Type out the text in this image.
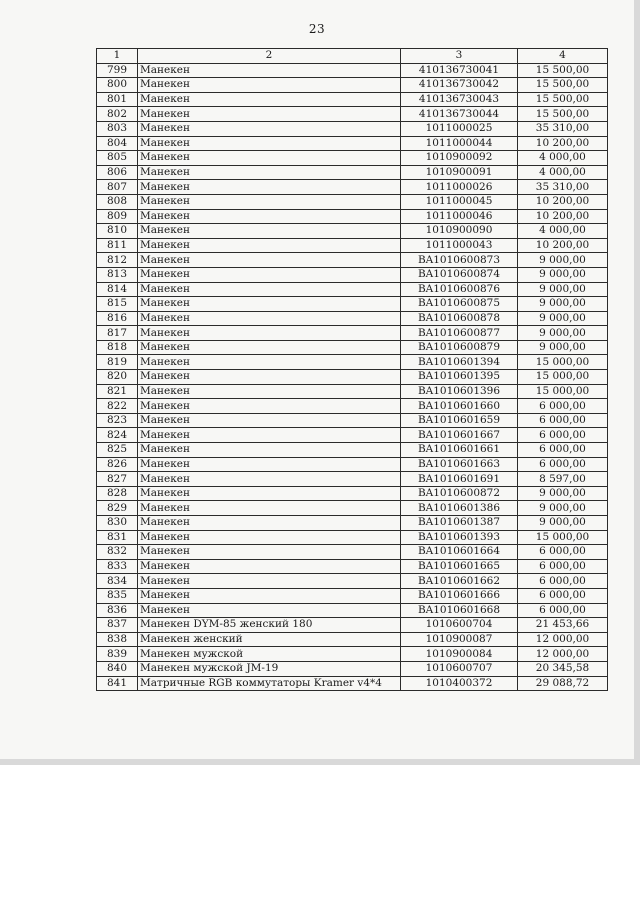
23
1	2	3	4
799	Манекен	410136730041	15 500,00
800	Манекен	410136730042	15 500,00
801	Манекен	410136730043	15 500,00
802	Манекен	410136730044	15 500,00
803	Манекен	1011000025	35 310,00
804	Манекен	1011000044	10 200,00
805	Манекен	1010900092	4 000,00
806	Манекен	1010900091	4 000,00
807	Манекен	1011000026	35 310,00
808	Манекен	1011000045	10 200,00
809	Манекен	1011000046	10 200,00
810	Манекен	1010900090	4 000,00
811	Манекен	1011000043	10 200,00
812	Манекен	BA1010600873	9 000,00
813	Манекен	BA1010600874	9 000,00
814	Манекен	BA1010600876	9 000,00
815	Манекен	BA1010600875	9 000,00
816	Манекен	BA1010600878	9 000,00
817	Манекен	BA1010600877	9 000,00
818	Манекен	BA1010600879	9 000,00
819	Манекен	BA1010601394	15 000,00
820	Манекен	BA1010601395	15 000,00
821	Манекен	BA1010601396	15 000,00
822	Манекен	BA1010601660	6 000,00
823	Манекен	BA1010601659	6 000,00
824	Манекен	BA1010601667	6 000,00
825	Манекен	BA1010601661	6 000,00
826	Манекен	BA1010601663	6 000,00
827	Манекен	BA1010601691	8 597,00
828	Манекен	BA1010600872	9 000,00
829	Манекен	BA1010601386	9 000,00
830	Манекен	BA1010601387	9 000,00
831	Манекен	BA1010601393	15 000,00
832	Манекен	BA1010601664	6 000,00
833	Манекен	BA1010601665	6 000,00
834	Манекен	BA1010601662	6 000,00
835	Манекен	BA1010601666	6 000,00
836	Манекен	BA1010601668	6 000,00
837	Манекен DYM-85 женский 180	1010600704	21 453,66
838	Манекен женский	1010900087	12 000,00
839	Манекен мужской	1010900084	12 000,00
840	Манекен мужской JM-19	1010600707	20 345,58
841	Матричные RGB коммутаторы Kramer v4*4	1010400372	29 088,72
